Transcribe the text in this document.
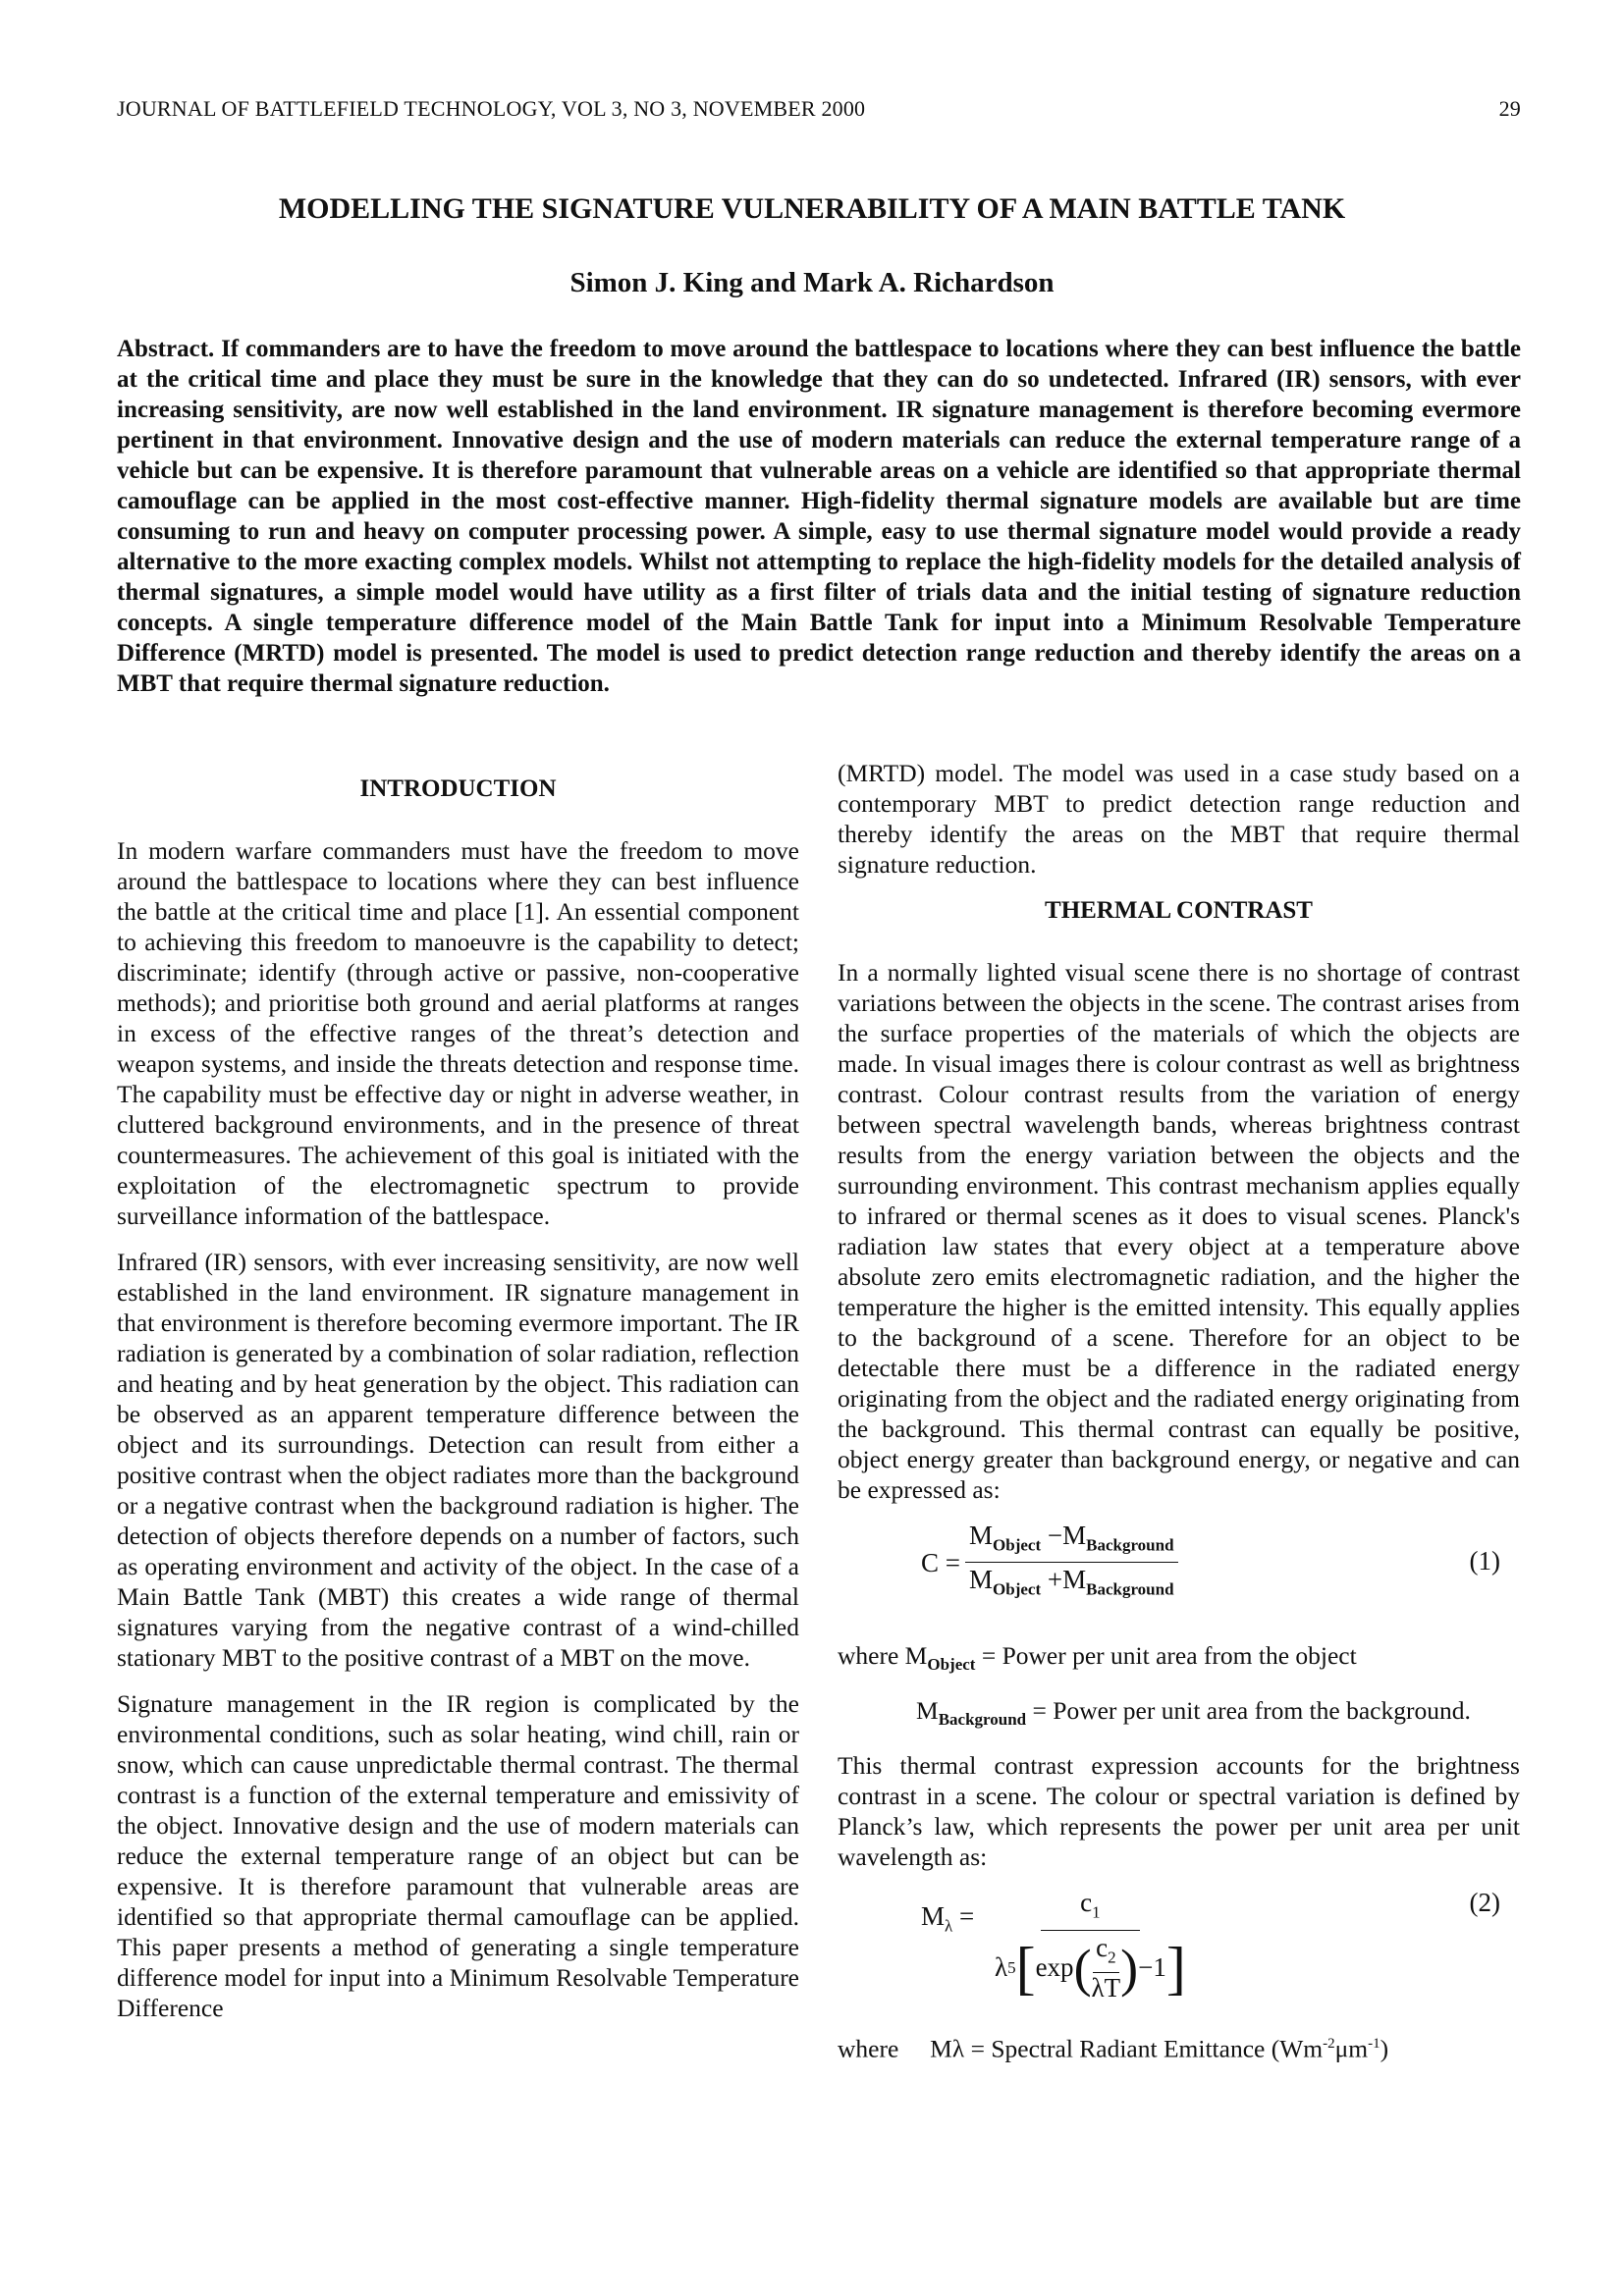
JOURNAL OF BATTLEFIELD TECHNOLOGY, VOL 3, NO 3, NOVEMBER 2000	29
MODELLING THE SIGNATURE VULNERABILITY OF A MAIN BATTLE TANK
Simon J. King and Mark A. Richardson
Abstract. If commanders are to have the freedom to move around the battlespace to locations where they can best influence the battle at the critical time and place they must be sure in the knowledge that they can do so undetected. Infrared (IR) sensors, with ever increasing sensitivity, are now well established in the land environment. IR signature management is therefore becoming evermore pertinent in that environment. Innovative design and the use of modern materials can reduce the external temperature range of a vehicle but can be expensive. It is therefore paramount that vulnerable areas on a vehicle are identified so that appropriate thermal camouflage can be applied in the most cost-effective manner. High-fidelity thermal signature models are available but are time consuming to run and heavy on computer processing power. A simple, easy to use thermal signature model would provide a ready alternative to the more exacting complex models. Whilst not attempting to replace the high-fidelity models for the detailed analysis of thermal signatures, a simple model would have utility as a first filter of trials data and the initial testing of signature reduction concepts. A single temperature difference model of the Main Battle Tank for input into a Minimum Resolvable Temperature Difference (MRTD) model is presented. The model is used to predict detection range reduction and thereby identify the areas on a MBT that require thermal signature reduction.
INTRODUCTION

In modern warfare commanders must have the freedom to move around the battlespace to locations where they can best influence the battle at the critical time and place [1]. An essential component to achieving this freedom to manoeuvre is the capability to detect; discriminate; identify (through active or passive, non-cooperative methods); and prioritise both ground and aerial platforms at ranges in excess of the effective ranges of the threat’s detection and weapon systems, and inside the threats detection and response time. The capability must be effective day or night in adverse weather, in cluttered background environments, and in the presence of threat countermeasures. The achievement of this goal is initiated with the exploitation of the electromagnetic spectrum to provide surveillance information of the battlespace.

Infrared (IR) sensors, with ever increasing sensitivity, are now well established in the land environment. IR signature management in that environment is therefore becoming evermore important. The IR radiation is generated by a combination of solar radiation, reflection and heating and by heat generation by the object. This radiation can be observed as an apparent temperature difference between the object and its surroundings. Detection can result from either a positive contrast when the object radiates more than the background or a negative contrast when the background radiation is higher. The detection of objects therefore depends on a number of factors, such as operating environment and activity of the object. In the case of a Main Battle Tank (MBT) this creates a wide range of thermal signatures varying from the negative contrast of a wind-chilled stationary MBT to the positive contrast of a MBT on the move.

Signature management in the IR region is complicated by the environmental conditions, such as solar heating, wind chill, rain or snow, which can cause unpredictable thermal contrast. The thermal contrast is a function of the external temperature and emissivity of the object. Innovative design and the use of modern materials can reduce the external temperature range of an object but can be expensive. It is therefore paramount that vulnerable areas are identified so that appropriate thermal camouflage can be applied. This paper presents a method of generating a single temperature difference model for input into a Minimum Resolvable Temperature Difference

(MRTD) model. The model was used in a case study based on a contemporary MBT to predict detection range reduction and thereby identify the areas on the MBT that require thermal signature reduction.

THERMAL CONTRAST

In a normally lighted visual scene there is no shortage of contrast variations between the objects in the scene. The contrast arises from the surface properties of the materials of which the objects are made. In visual images there is colour contrast as well as brightness contrast. Colour contrast results from the variation of energy between spectral wavelength bands, whereas brightness contrast results from the energy variation between the objects and the surrounding environment. This contrast mechanism applies equally to infrared or thermal scenes as it does to visual scenes. Planck's radiation law states that every object at a temperature above absolute zero emits electromagnetic radiation, and the higher the temperature the higher is the emitted intensity. This equally applies to the background of a scene. Therefore for an object to be detectable there must be a difference in the radiated energy originating from the object and the radiated energy originating from the background. This thermal contrast can equally be positive, object energy greater than background energy, or negative and can be expressed as:

C =
$M_{Object} -M_{Background}$
$M_{Object} +M_{Background}$
(1)

where $M_{Object}$ = Power per unit area from the object

$M_{Background}$ = Power per unit area from the background.

This thermal contrast expression accounts for the brightness contrast in a scene. The colour or spectral variation is defined by Planck’s law, which represents the power per unit area per unit wavelength as:

$M_\lambda$ =	$c_1$
λ 5 [ exp ( $c_2$
λT ) −1 ]
(2)

where Mλ = Spectral Radiant Emittance $(Wm^{-2}\mu m^{-1})$
